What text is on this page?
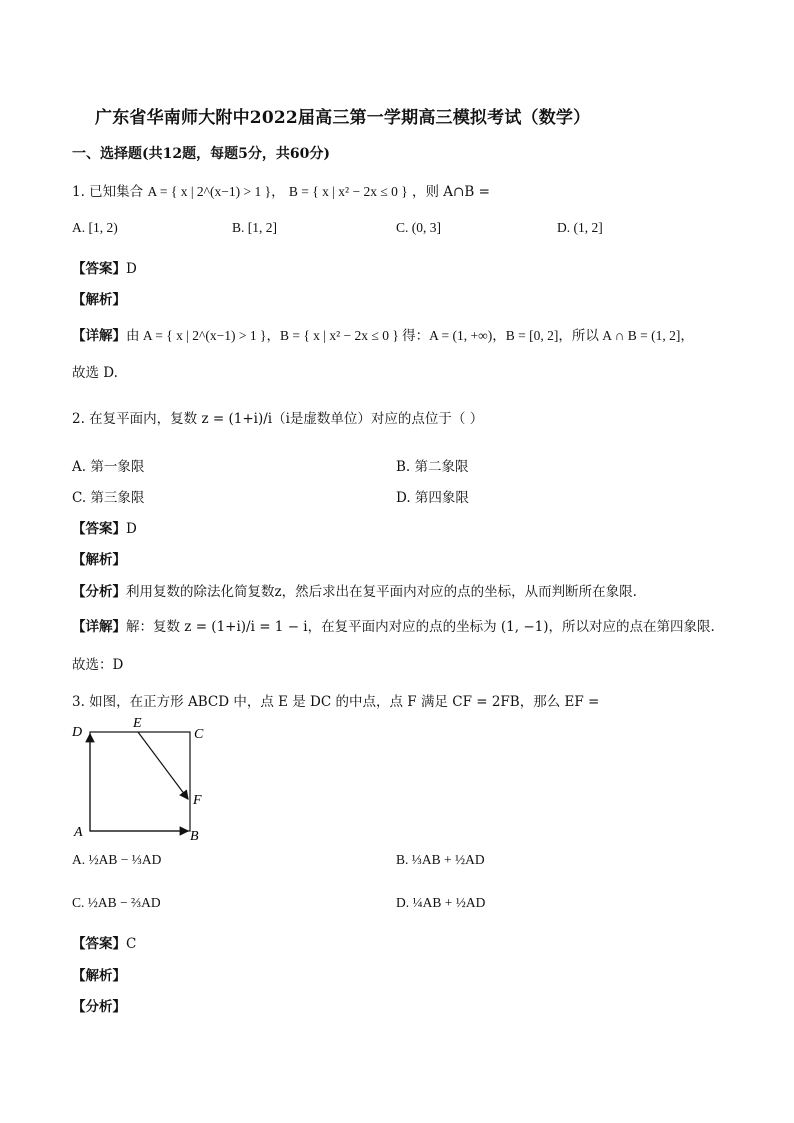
广东省华南师大附中2022届高三第一学期高三模拟考试（数学）
一、选择题(共12题，每题5分，共60分)
1. 已知集合 A = { x | 2^(x−1) > 1 }， B = { x | x² − 2x ≤ 0 } ，则 A∩B =
A. [1, 2)	B. [1, 2]	C. (0, 3]	D. (1, 2]
【答案】D
【解析】
【详解】由 A = { x | 2^(x−1) > 1 }，B = { x | x² − 2x ≤ 0 } 得：A = (1, +∞)，B = [0, 2]，所以 A ∩ B = (1, 2]，
故选 D.
2. 在复平面内，复数 z = (1+i)/i（i是虚数单位）对应的点位于（ ）
A. 第一象限	B. 第二象限
C. 第三象限	D. 第四象限
【答案】D
【解析】
【分析】利用复数的除法化简复数z，然后求出在复平面内对应的点的坐标，从而判断所在象限.
【详解】解：复数 z = (1+i)/i = 1 − i，在复平面内对应的点的坐标为 (1, −1)，所以对应的点在第四象限.
故选：D
3. 如图，在正方形 ABCD 中，点 E 是 DC 的中点，点 F 满足 CF = 2FB，那么 EF =
D
E
C
F
A	B
A. ½AB − ⅓AD	B. ⅓AB + ½AD
C. ½AB − ⅔AD	D. ¼AB + ½AD
【答案】C
【解析】
【分析】
